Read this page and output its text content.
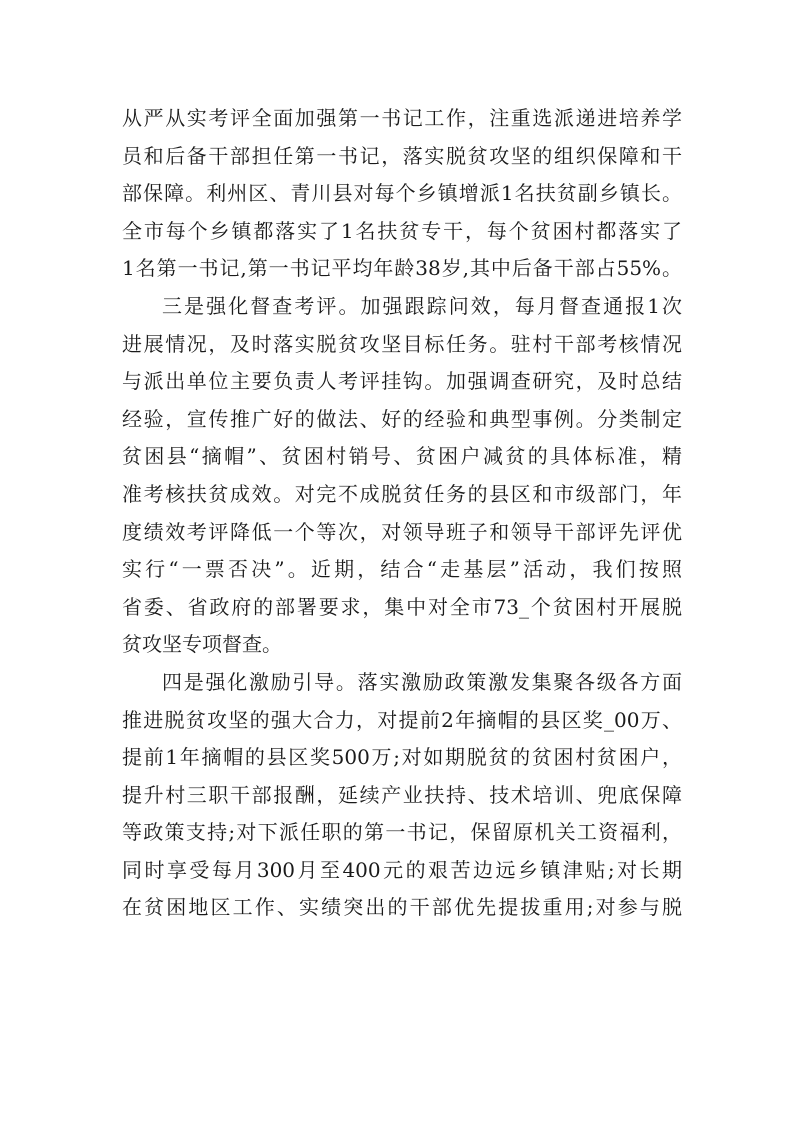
从严从实考评全面加强第一书记工作，注重选派递进培养学
员和后备干部担任第一书记，落实脱贫攻坚的组织保障和干
部保障。利州区、青川县对每个乡镇增派1名扶贫副乡镇长。
全市每个乡镇都落实了1名扶贫专干，每个贫困村都落实了
1名第一书记,第一书记平均年龄38岁,其中后备干部占55%。
三是强化督查考评。加强跟踪问效，每月督查通报1次
进展情况，及时落实脱贫攻坚目标任务。驻村干部考核情况
与派出单位主要负责人考评挂钩。加强调查研究，及时总结
经验，宣传推广好的做法、好的经验和典型事例。分类制定
贫困县“摘帽”、贫困村销号、贫困户减贫的具体标准，精
准考核扶贫成效。对完不成脱贫任务的县区和市级部门，年
度绩效考评降低一个等次，对领导班子和领导干部评先评优
实行“一票否决”。近期，结合“走基层”活动，我们按照
省委、省政府的部署要求，集中对全市73_个贫困村开展脱
贫攻坚专项督查。
四是强化激励引导。落实激励政策激发集聚各级各方面
推进脱贫攻坚的强大合力，对提前2年摘帽的县区奖_00万、
提前1年摘帽的县区奖500万;对如期脱贫的贫困村贫困户，
提升村三职干部报酬，延续产业扶持、技术培训、兜底保障
等政策支持;对下派任职的第一书记，保留原机关工资福利，
同时享受每月300月至400元的艰苦边远乡镇津贴;对长期
在贫困地区工作、实绩突出的干部优先提拔重用;对参与脱
